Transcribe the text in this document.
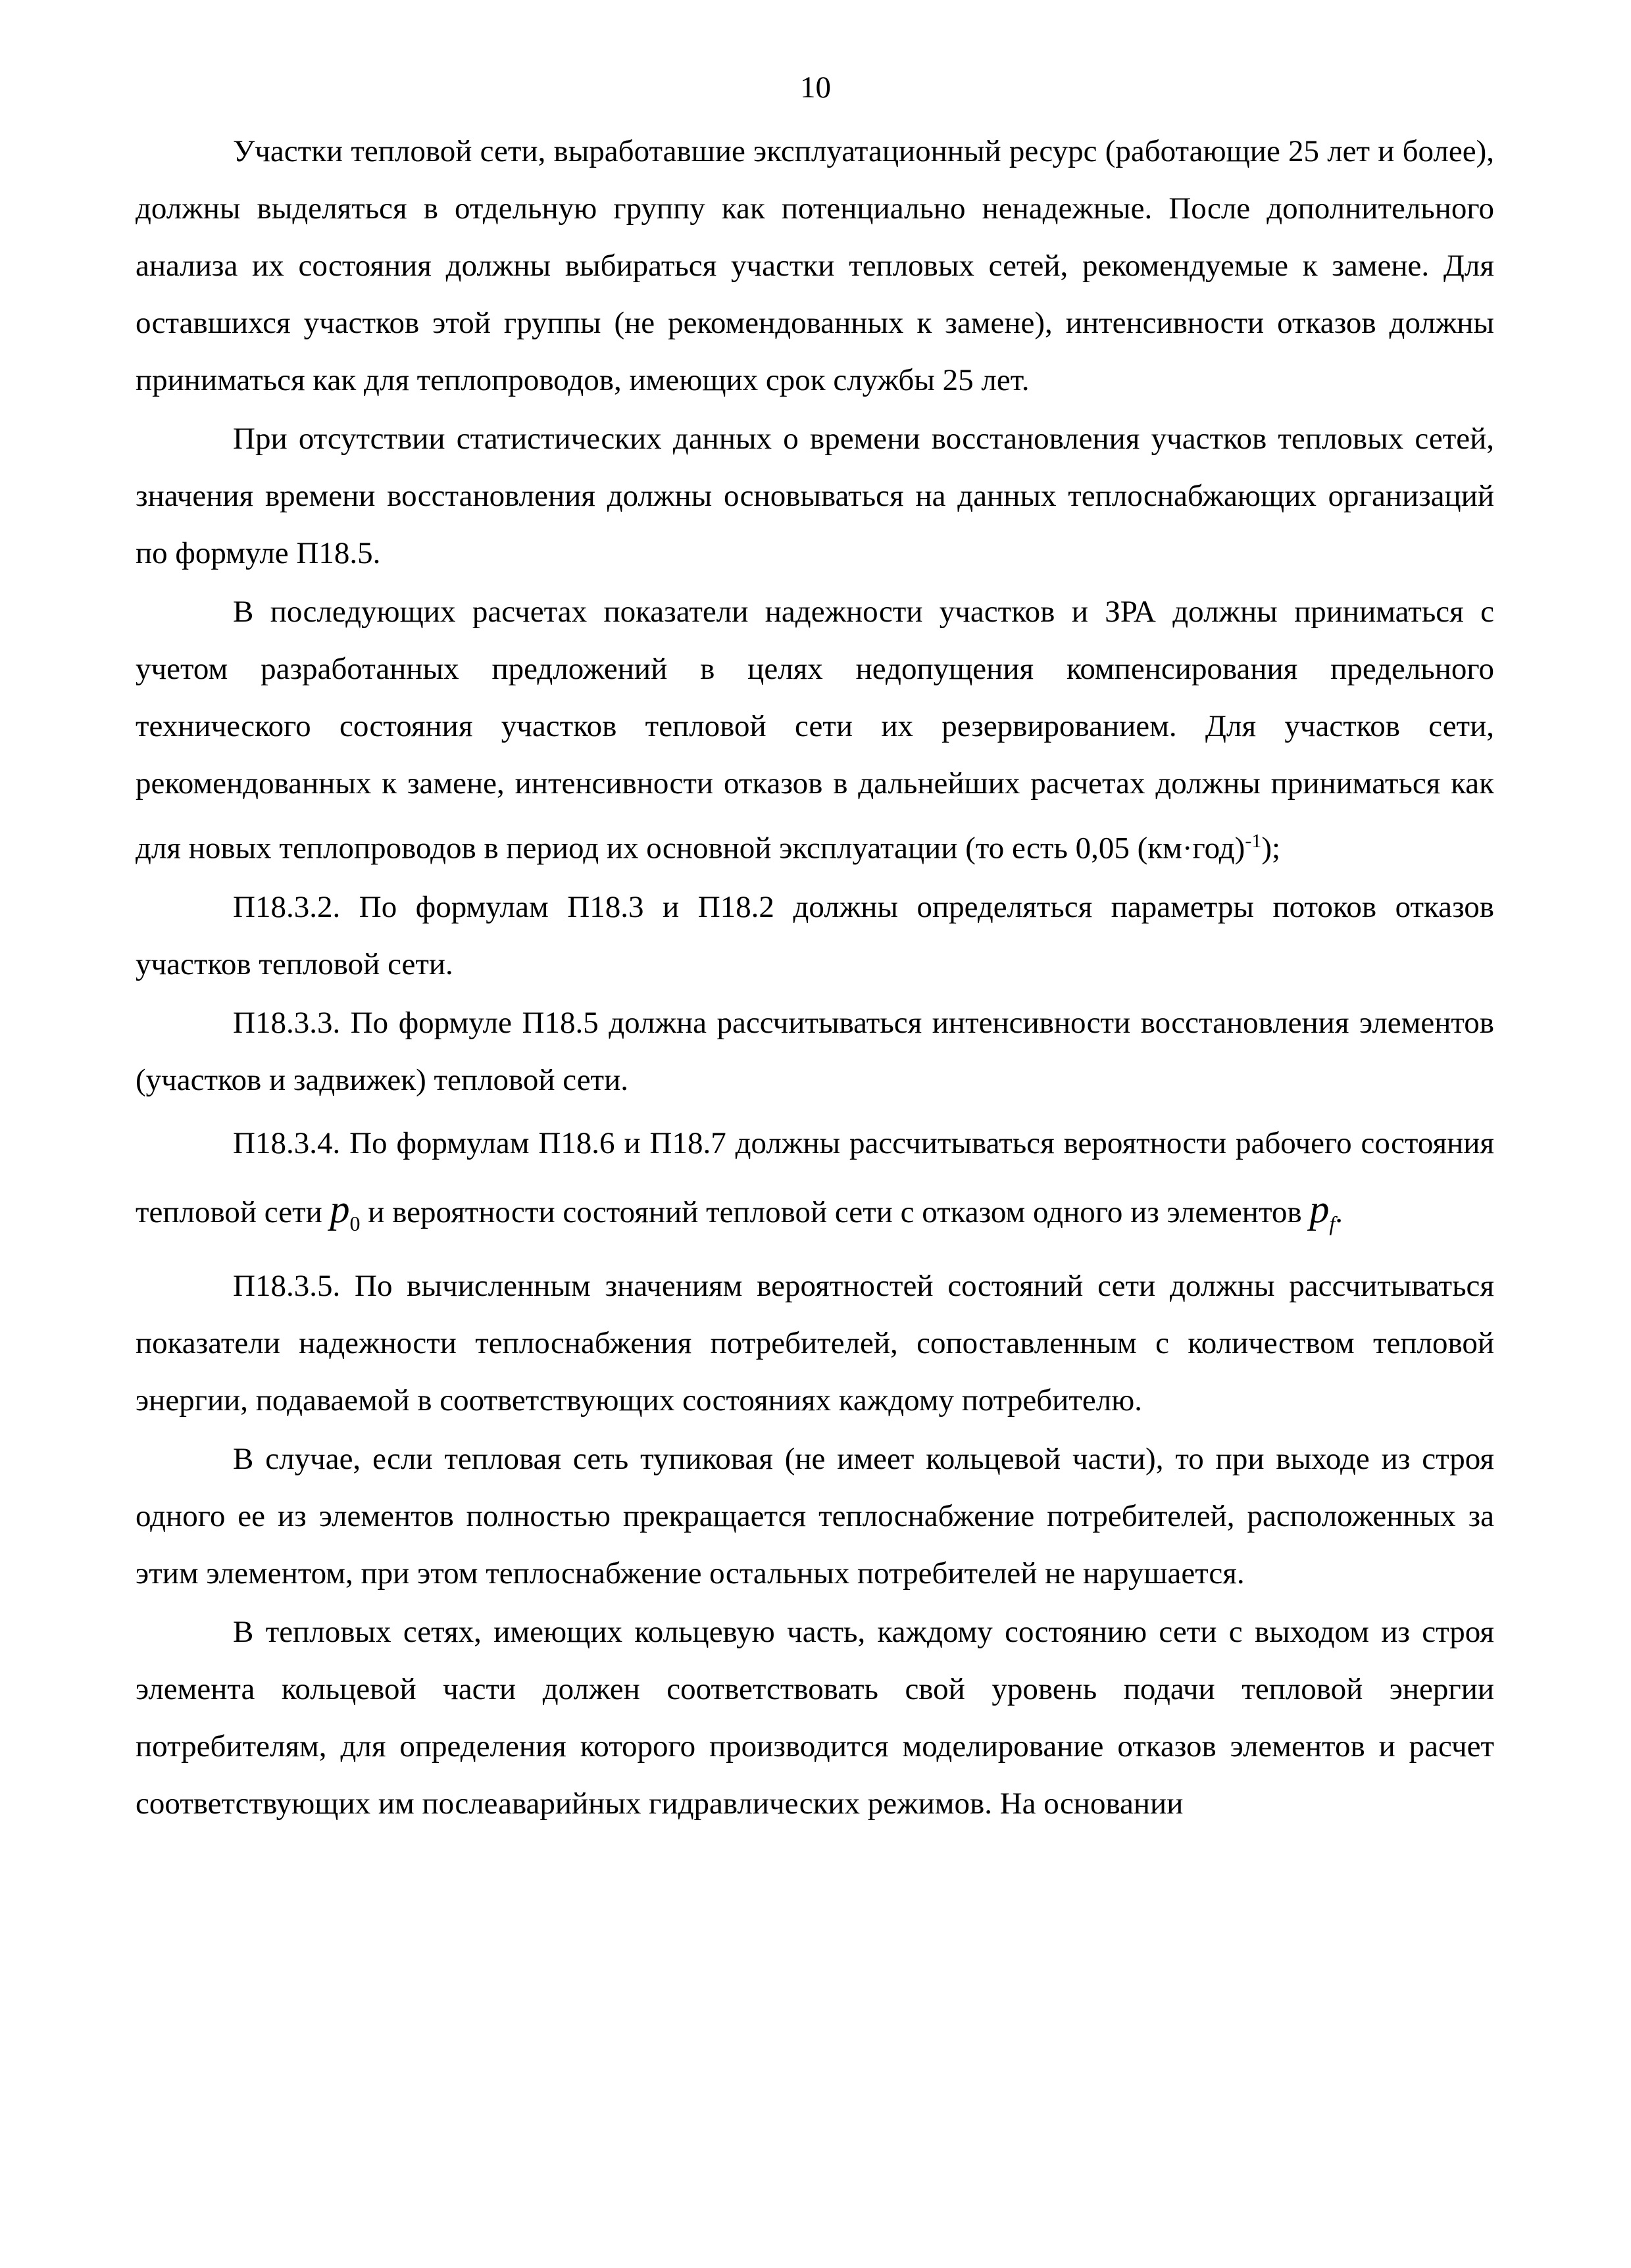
10

Участки тепловой сети, выработавшие эксплуатационный ресурс (работающие 25 лет и более), должны выделяться в отдельную группу как потенциально ненадежные. После дополнительного анализа их состояния должны выбираться участки тепловых сетей, рекомендуемые к замене. Для оставшихся участков этой группы (не рекомендованных к замене), интенсивности отказов должны приниматься как для теплопроводов, имеющих срок службы 25 лет.

При отсутствии статистических данных о времени восстановления участков тепловых сетей, значения времени восстановления должны основываться на данных теплоснабжающих организаций по формуле П18.5.

В последующих расчетах показатели надежности участков и ЗРА должны приниматься с учетом разработанных предложений в целях недопущения компенсирования предельного технического состояния участков тепловой сети их резервированием. Для участков сети, рекомендованных к замене, интенсивности отказов в дальнейших расчетах должны приниматься как для новых теплопроводов в период их основной эксплуатации (то есть 0,05 $(км\cdot год)^{-1}$);

П18.3.2. По формулам П18.3 и П18.2 должны определяться параметры потоков отказов участков тепловой сети.

П18.3.3. По формуле П18.5 должна рассчитываться интенсивности восстановления элементов (участков и задвижек) тепловой сети.

П18.3.4. По формулам П18.6 и П18.7 должны рассчитываться вероятности рабочего состояния тепловой сети $p_0$ и вероятности состояний тепловой сети с отказом одного из элементов $p_f$.

П18.3.5. По вычисленным значениям вероятностей состояний сети должны рассчитываться показатели надежности теплоснабжения потребителей, сопоставленным с количеством тепловой энергии, подаваемой в соответствующих состояниях каждому потребителю.

В случае, если тепловая сеть тупиковая (не имеет кольцевой части), то при выходе из строя одного ее из элементов полностью прекращается теплоснабжение потребителей, расположенных за этим элементом, при этом теплоснабжение остальных потребителей не нарушается.

В тепловых сетях, имеющих кольцевую часть, каждому состоянию сети с выходом из строя элемента кольцевой части должен соответствовать свой уровень подачи тепловой энергии потребителям, для определения которого производится моделирование отказов элементов и расчет соответствующих им послеаварийных гидравлических режимов. На основании
